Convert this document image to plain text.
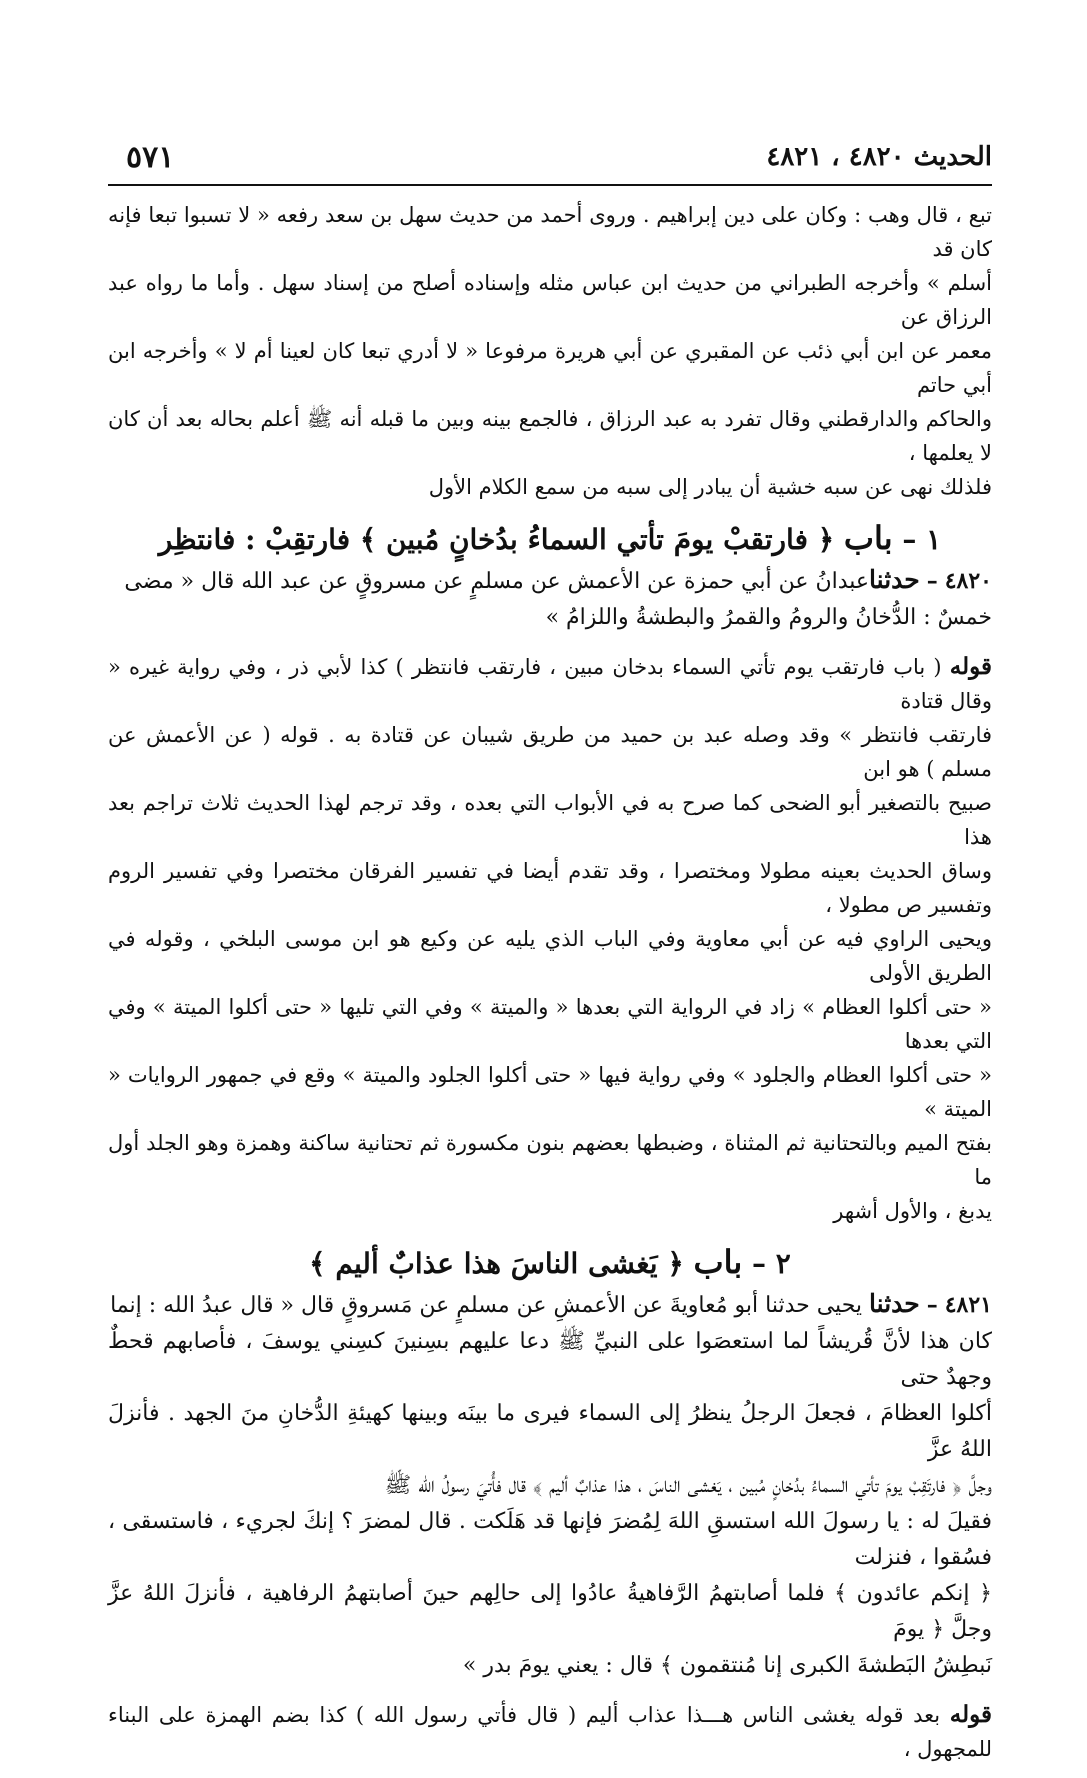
الحديث ٤٨٢٠ ، ٤٨٢١
٥٧١

تبع ، قال وهب : وكان على دين إبراهيم . وروى أحمد من حديث سهل بن سعد رفعه « لا تسبوا تبعا فإنه كان قد

أسلم » وأخرجه الطبراني من حديث ابن عباس مثله وإسناده أصلح من إسناد سهل . وأما ما رواه عبد الرزاق عن

معمر عن ابن أبي ذئب عن المقبري عن أبي هريرة مرفوعا « لا أدري تبعا كان لعينا أم لا » وأخرجه ابن أبي حاتم

والحاكم والدارقطني وقال تفرد به عبد الرزاق ، فالجمع بينه وبين ما قبله أنه ﷺ أعلم بحاله بعد أن كان لا يعلمها ،

فلذلك نهى عن سبه خشية أن يبادر إلى سبه من سمع الكلام الأول

١ – باب ﴿ فارتقبْ يومَ تأتي السماءُ بدُخانٍ مُبين ﴾ فارتقِبْ : فانتظِر

٤٨٢٠ – حدثناعبدانُ عن أبي حمزة عن الأعمش عن مسلمٍ عن مسروقٍ عن عبد الله قال « مضى

خمسٌ : الدُّخانُ والرومُ والقمرُ والبطشةُ واللزامُ »

قوله ( باب فارتقب يوم تأتي السماء بدخان مبين ، فارتقب فانتظر ) كذا لأبي ذر ، وفي رواية غيره « وقال قتادة

فارتقب فانتظر » وقد وصله عبد بن حميد من طريق شيبان عن قتادة به . قوله ( عن الأعمش عن مسلم ) هو ابن

صبيح بالتصغير أبو الضحى كما صرح به في الأبواب التي بعده ، وقد ترجم لهذا الحديث ثلاث تراجم بعد هذا

وساق الحديث بعينه مطولا ومختصرا ، وقد تقدم أيضا في تفسير الفرقان مختصرا وفي تفسير الروم وتفسير ص مطولا ،

ويحيى الراوي فيه عن أبي معاوية وفي الباب الذي يليه عن وكيع هو ابن موسى البلخي ، وقوله في الطريق الأولى

« حتى أكلوا العظام » زاد في الرواية التي بعدها « والميتة » وفي التي تليها « حتى أكلوا الميتة » وفي التي بعدها

« حتى أكلوا العظام والجلود » وفي رواية فيها « حتى أكلوا الجلود والميتة » وقع في جمهور الروايات « الميتة »

بفتح الميم وبالتحتانية ثم المثناة ، وضبطها بعضهم بنون مكسورة ثم تحتانية ساكنة وهمزة وهو الجلد أول ما

يدبغ ، والأول أشهر

٢ – باب ﴿ يَغشى الناسَ هذا عذابٌ أليم ﴾

٤٨٢١ – حدثنا يحيى حدثنا أبو مُعاويةَ عن الأعمشِ عن مسلمٍ عن مَسروقٍ قال « قال عبدُ الله : إنما

كان هذا لأنَّ قُريشاً لما استعصَوا على النبيِّ ﷺ دعا عليهم بسِنينَ كسِني يوسفَ ، فأصابهم قحطٌ وجهدٌ حتى

أكلوا العظامَ ، فجعلَ الرجلُ ينظرُ إلى السماء فيرى ما بينَه وبينها كهيئةِ الدُّخانِ منَ الجهد . فأنزلَ اللهُ عزَّ

وجلَّ ﴿ فارتَقِبْ يومَ تأتي السماءُ بدُخانٍ مُبين ، يَغشى الناسَ ، هذا عذابٌ أليم ﴾ قال فأُتيَ رسولُ الله ﷺ

فقيلَ له : يا رسولَ الله استسقِ اللهَ لِمُضرَ فإنها قد هَلَكت . قال لمضرَ ؟ إنكَ لجريء ، فاستسقى ، فسُقوا ، فنزلت

﴿ إنكم عائدون ﴾ فلما أصابتهمُ الرَّفاهيةُ عادُوا إلى حالِهم حينَ أصابتهمُ الرفاهية ، فأنزلَ اللهُ عزَّ وجلَّ ﴿ يومَ

نَبطِشُ البَطشةَ الكبرى إنا مُنتقمون ﴾ قال : يعني يومَ بدر »

قوله بعد قوله يغشى الناس هـــذا عذاب أليم ( قال فأتي رسول الله ) كذا بضم الهمزة على البناء للمجهول ،
